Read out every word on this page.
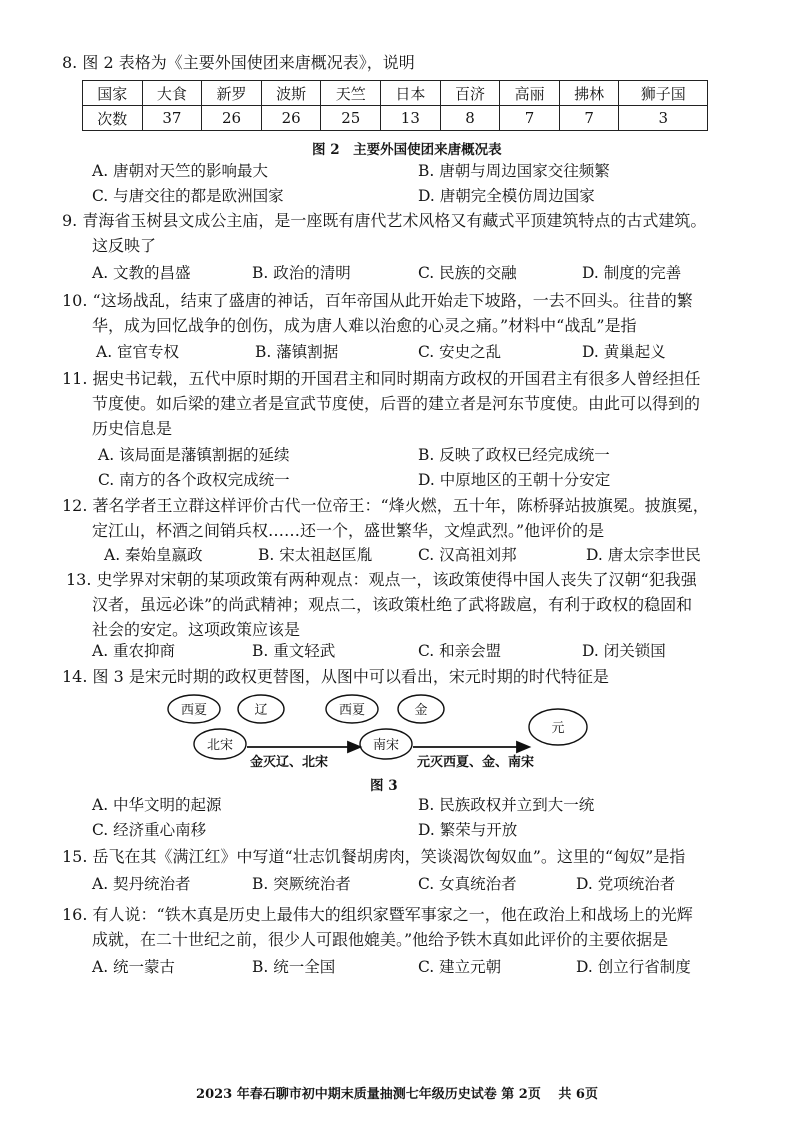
8. 图 2 表格为《主要外国使团来唐概况表》，说明
国家	大食	新罗	波斯	天竺	日本	百济	高丽	拂林	狮子国
次数	37	26	26	25	13	8	7	7	3
图 2　主要外国使团来唐概况表
A. 唐朝对天竺的影响最大	B. 唐朝与周边国家交往频繁
C. 与唐交往的都是欧洲国家	D. 唐朝完全模仿周边国家
9. 青海省玉树县文成公主庙，是一座既有唐代艺术风格又有藏式平顶建筑特点的古式建筑。
这反映了
A. 文教的昌盛	B. 政治的清明	C. 民族的交融	D. 制度的完善
10. “这场战乱，结束了盛唐的神话，百年帝国从此开始走下坡路，一去不回头。往昔的繁
华，成为回忆战争的创伤，成为唐人难以治愈的心灵之痛。”材料中“战乱”是指
A. 宦官专权	B. 藩镇割据	C. 安史之乱	D. 黄巢起义
11. 据史书记载，五代中原时期的开国君主和同时期南方政权的开国君主有很多人曾经担任
节度使。如后梁的建立者是宣武节度使，后晋的建立者是河东节度使。由此可以得到的
历史信息是
A. 该局面是藩镇割据的延续	B. 反映了政权已经完成统一
C. 南方的各个政权完成统一	D. 中原地区的王朝十分安定
12. 著名学者王立群这样评价古代一位帝王：“烽火燃，五十年，陈桥驿站披旗冕。披旗冕，
定江山，杯酒之间销兵权……还一个，盛世繁华，文煌武烈。”他评价的是
A. 秦始皇嬴政	B. 宋太祖赵匡胤	C. 汉高祖刘邦	D. 唐太宗李世民
13. 史学界对宋朝的某项政策有两种观点：观点一，该政策使得中国人丧失了汉朝“犯我强
汉者，虽远必诛”的尚武精神；观点二，该政策杜绝了武将跋扈，有利于政权的稳固和
社会的安定。这项政策应该是
A. 重农抑商	B. 重文轻武	C. 和亲会盟	D. 闭关锁国
14. 图 3 是宋元时期的政权更替图，从图中可以看出，宋元时期的时代特征是
西夏	辽
北宋
西夏	金
南宋
元
金灭辽、北宋	元灭西夏、金、南宋
图 3
A. 中华文明的起源	B. 民族政权并立到大一统
C. 经济重心南移	D. 繁荣与开放
15. 岳飞在其《满江红》中写道“壮志饥餐胡虏肉，笑谈渴饮匈奴血”。这里的“匈奴”是指
A. 契丹统治者	B. 突厥统治者	C. 女真统治者	D. 党项统治者
16. 有人说：“铁木真是历史上最伟大的组织家暨军事家之一，他在政治上和战场上的光辉
成就，在二十世纪之前，很少人可跟他媲美。”他给予铁木真如此评价的主要依据是
A. 统一蒙古	B. 统一全国	C. 建立元朝	D. 创立行省制度
2023 年春石聊市初中期末质量抽测七年级历史试卷 第 2页　 共 6页
